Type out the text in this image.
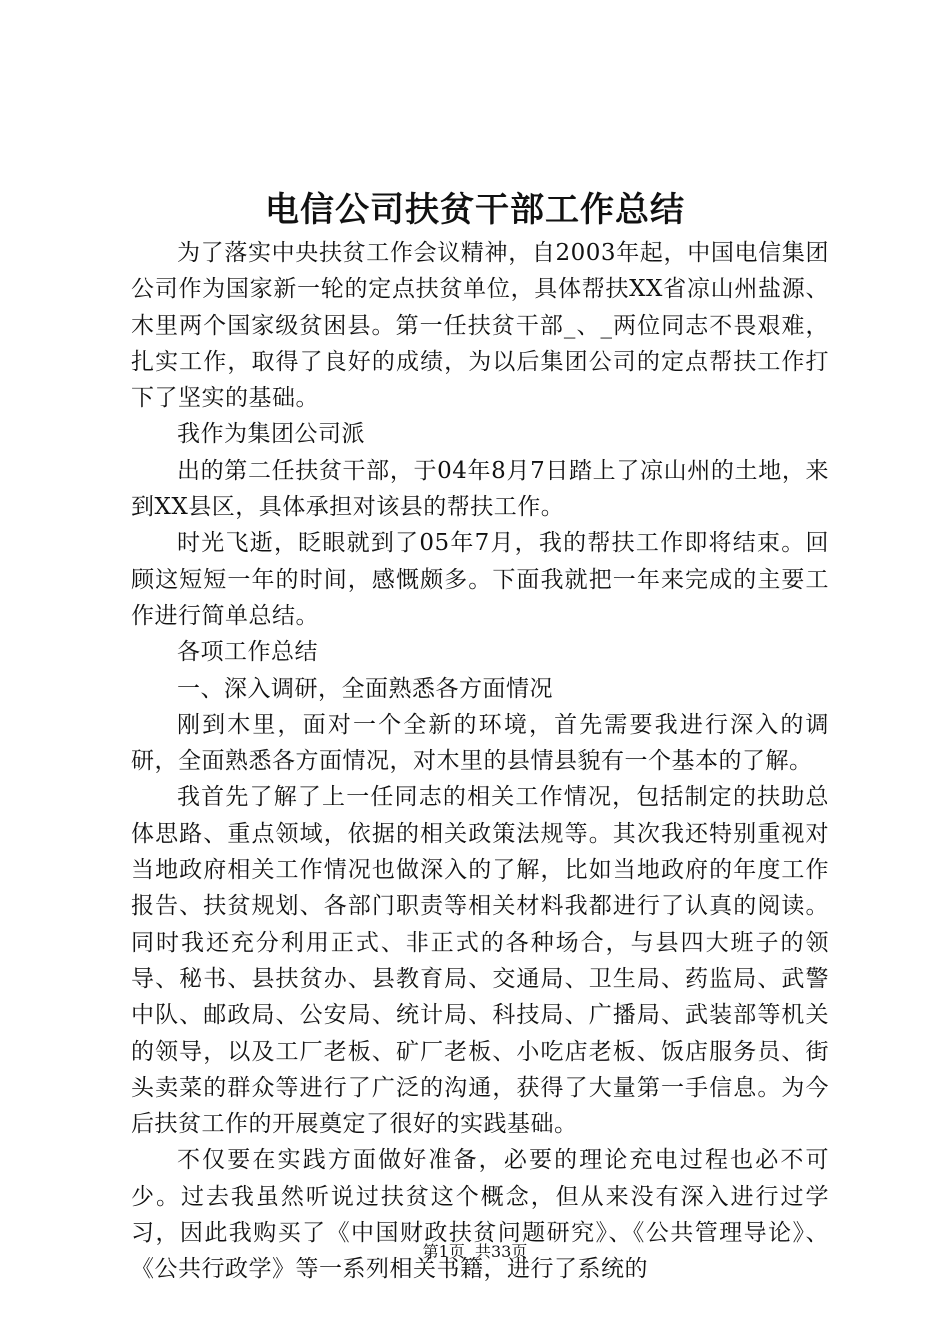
电信公司扶贫干部工作总结

为了落实中央扶贫工作会议精神，自2003年起，中国电信集团公司作为国家新一轮的定点扶贫单位，具体帮扶XX省凉山州盐源、木里两个国家级贫困县。第一任扶贫干部_、_两位同志不畏艰难，扎实工作，取得了良好的成绩，为以后集团公司的定点帮扶工作打下了坚实的基础。

我作为集团公司派

出的第二任扶贫干部，于04年8月7日踏上了凉山州的土地，来到XX县区，具体承担对该县的帮扶工作。

时光飞逝，眨眼就到了05年7月，我的帮扶工作即将结束。回顾这短短一年的时间，感慨颇多。下面我就把一年来完成的主要工作进行简单总结。

各项工作总结

一、深入调研，全面熟悉各方面情况

刚到木里，面对一个全新的环境，首先需要我进行深入的调研，全面熟悉各方面情况，对木里的县情县貌有一个基本的了解。

我首先了解了上一任同志的相关工作情况，包括制定的扶助总体思路、重点领域，依据的相关政策法规等。其次我还特别重视对当地政府相关工作情况也做深入的了解，比如当地政府的年度工作报告、扶贫规划、各部门职责等相关材料我都进行了认真的阅读。同时我还充分利用正式、非正式的各种场合，与县四大班子的领导、秘书、县扶贫办、县教育局、交通局、卫生局、药监局、武警中队、邮政局、公安局、统计局、科技局、广播局、武装部等机关的领导，以及工厂老板、矿厂老板、小吃店老板、饭店服务员、街头卖菜的群众等进行了广泛的沟通，获得了大量第一手信息。为今后扶贫工作的开展奠定了很好的实践基础。

不仅要在实践方面做好准备，必要的理论充电过程也必不可少。过去我虽然听说过扶贫这个概念，但从来没有深入进行过学习，因此我购买了《中国财政扶贫问题研究》、《公共管理导论》、《公共行政学》等一系列相关书籍，进行了系统的

第1页  共33页
